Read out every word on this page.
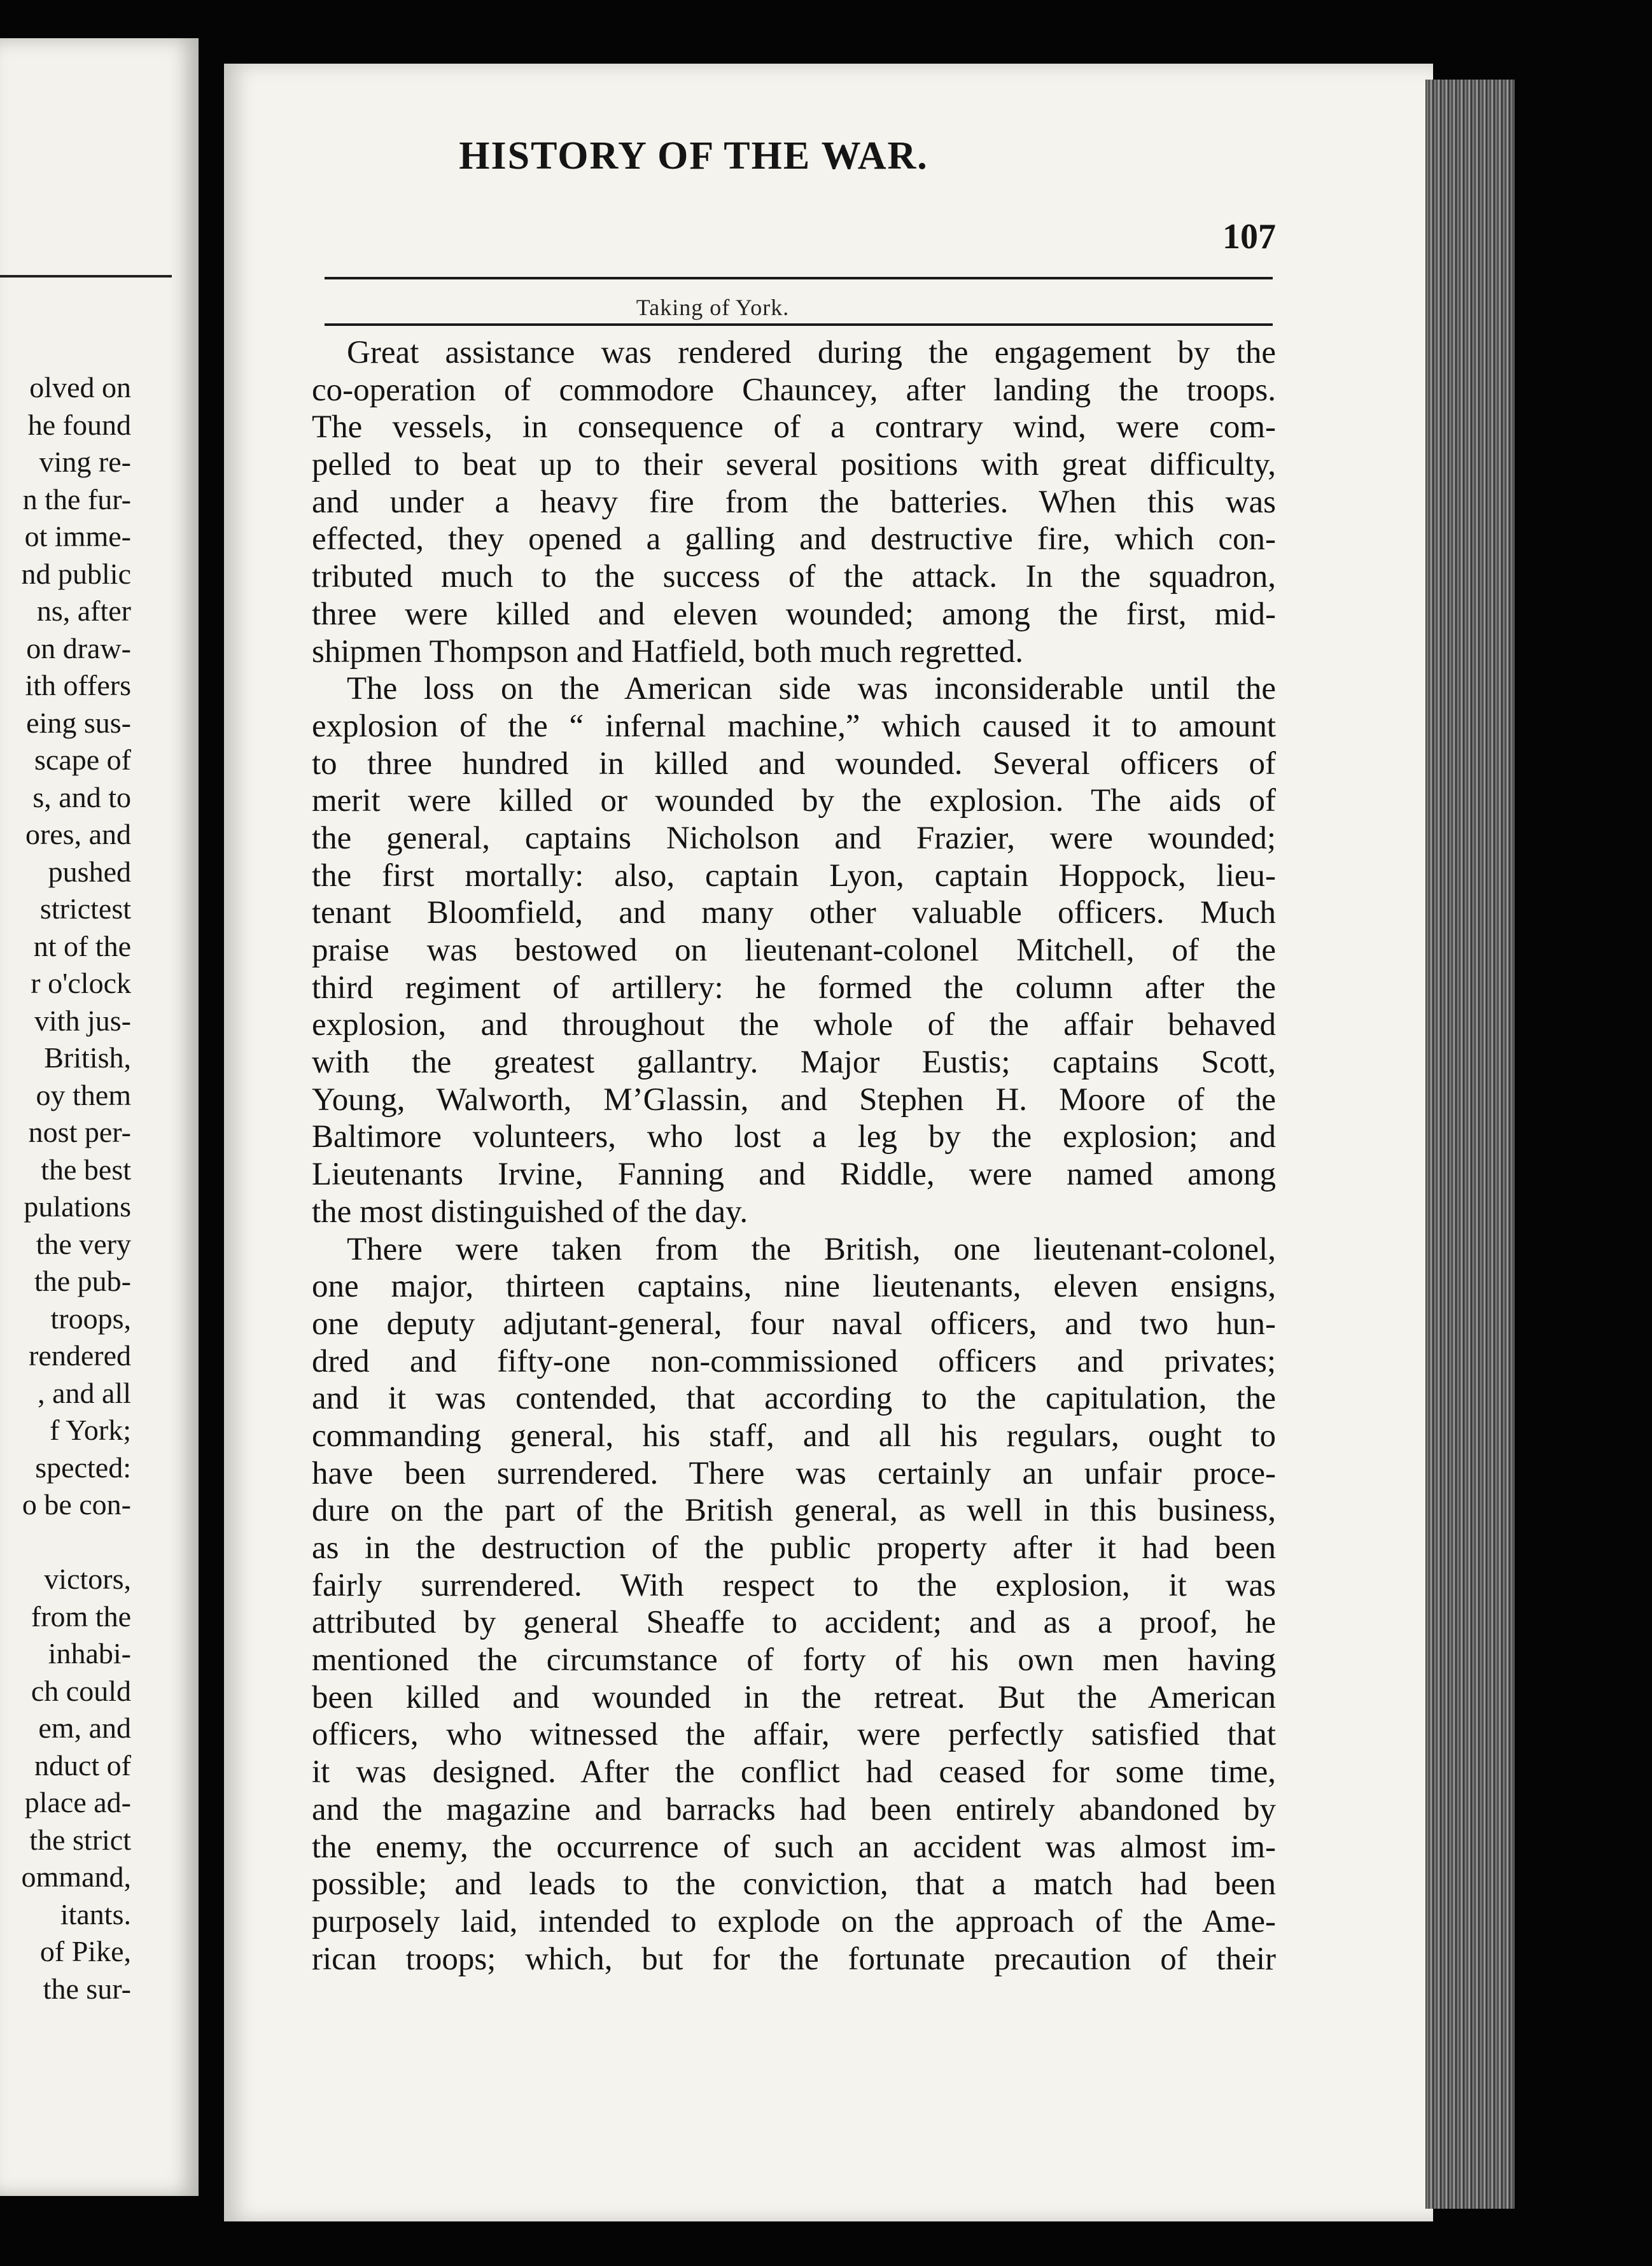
olved on
he found
ving re-
n the fur-
ot imme-
nd public
ns, after
on draw-
ith offers
eing sus-
scape of
s, and to
ores, and
pushed
strictest
nt of the
r o'clock
vith jus-
British,
oy them
nost per-
the best
pulations
the very
the pub-
troops,
rendered
, and all
f York;
spected:
o be con-
victors,
from the
inhabi-
ch could
em, and
nduct of
place ad-
the strict
ommand,
itants.
of Pike,
the sur-
HISTORY OF THE WAR.
107
Taking of York.
Great assistance was rendered during the engagement by the
co-operation of commodore Chauncey, after landing the troops.
The vessels, in consequence of a contrary wind, were com-
pelled to beat up to their several positions with great difficulty,
and under a heavy fire from the batteries. When this was
effected, they opened a galling and destructive fire, which con-
tributed much to the success of the attack. In the squadron,
three were killed and eleven wounded; among the first, mid-
shipmen Thompson and Hatfield, both much regretted.
The loss on the American side was inconsiderable until the
explosion of the “ infernal machine,” which caused it to amount
to three hundred in killed and wounded. Several officers of
merit were killed or wounded by the explosion. The aids of
the general, captains Nicholson and Frazier, were wounded;
the first mortally: also, captain Lyon, captain Hoppock, lieu-
tenant Bloomfield, and many other valuable officers. Much
praise was bestowed on lieutenant-colonel Mitchell, of the
third regiment of artillery: he formed the column after the
explosion, and throughout the whole of the affair behaved
with the greatest gallantry. Major Eustis; captains Scott,
Young, Walworth, M’Glassin, and Stephen H. Moore of the
Baltimore volunteers, who lost a leg by the explosion; and
Lieutenants Irvine, Fanning and Riddle, were named among
the most distinguished of the day.
There were taken from the British, one lieutenant-colonel,
one major, thirteen captains, nine lieutenants, eleven ensigns,
one deputy adjutant-general, four naval officers, and two hun-
dred and fifty-one non-commissioned officers and privates;
and it was contended, that according to the capitulation, the
commanding general, his staff, and all his regulars, ought to
have been surrendered. There was certainly an unfair proce-
dure on the part of the British general, as well in this business,
as in the destruction of the public property after it had been
fairly surrendered. With respect to the explosion, it was
attributed by general Sheaffe to accident; and as a proof, he
mentioned the circumstance of forty of his own men having
been killed and wounded in the retreat. But the American
officers, who witnessed the affair, were perfectly satisfied that
it was designed. After the conflict had ceased for some time,
and the magazine and barracks had been entirely abandoned by
the enemy, the occurrence of such an accident was almost im-
possible; and leads to the conviction, that a match had been
purposely laid, intended to explode on the approach of the Ame-
rican troops; which, but for the fortunate precaution of their
